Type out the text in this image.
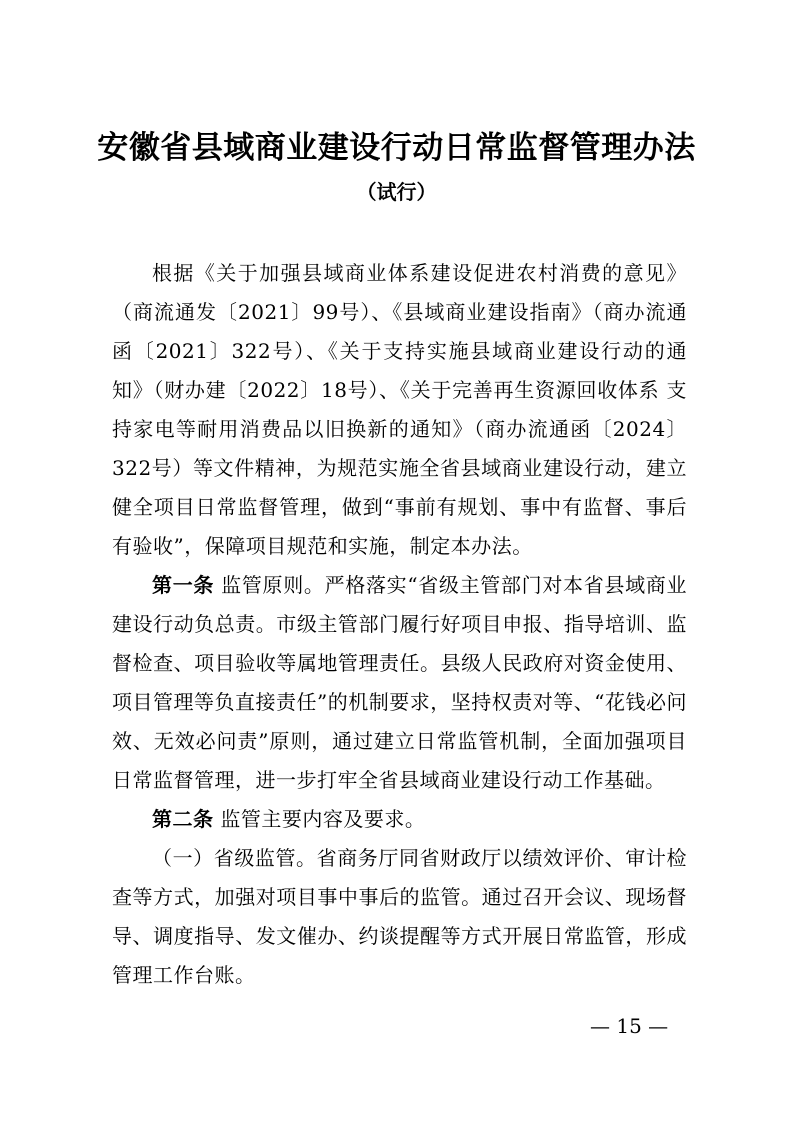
安徽省县域商业建设行动日常监督管理办法

（试行）

根据《关于加强县域商业体系建设促进农村消费的意见》（商流通发〔2021〕99号）、《县域商业建设指南》（商办流通函〔2021〕322号）、《关于支持实施县域商业建设行动的通知》（财办建〔2022〕18号）、《关于完善再生资源回收体系 支持家电等耐用消费品以旧换新的通知》（商办流通函〔2024〕322号）等文件精神，为规范实施全省县域商业建设行动，建立健全项目日常监督管理，做到“事前有规划、事中有监督、事后有验收”，保障项目规范和实施，制定本办法。

第一条 监管原则。严格落实“省级主管部门对本省县域商业建设行动负总责。市级主管部门履行好项目申报、指导培训、监督检查、项目验收等属地管理责任。县级人民政府对资金使用、项目管理等负直接责任”的机制要求，坚持权责对等、“花钱必问效、无效必问责”原则，通过建立日常监管机制，全面加强项目日常监督管理，进一步打牢全省县域商业建设行动工作基础。

第二条 监管主要内容及要求。

（一）省级监管。省商务厅同省财政厅以绩效评价、审计检查等方式，加强对项目事中事后的监管。通过召开会议、现场督导、调度指导、发文催办、约谈提醒等方式开展日常监管，形成管理工作台账。

— 15 —
